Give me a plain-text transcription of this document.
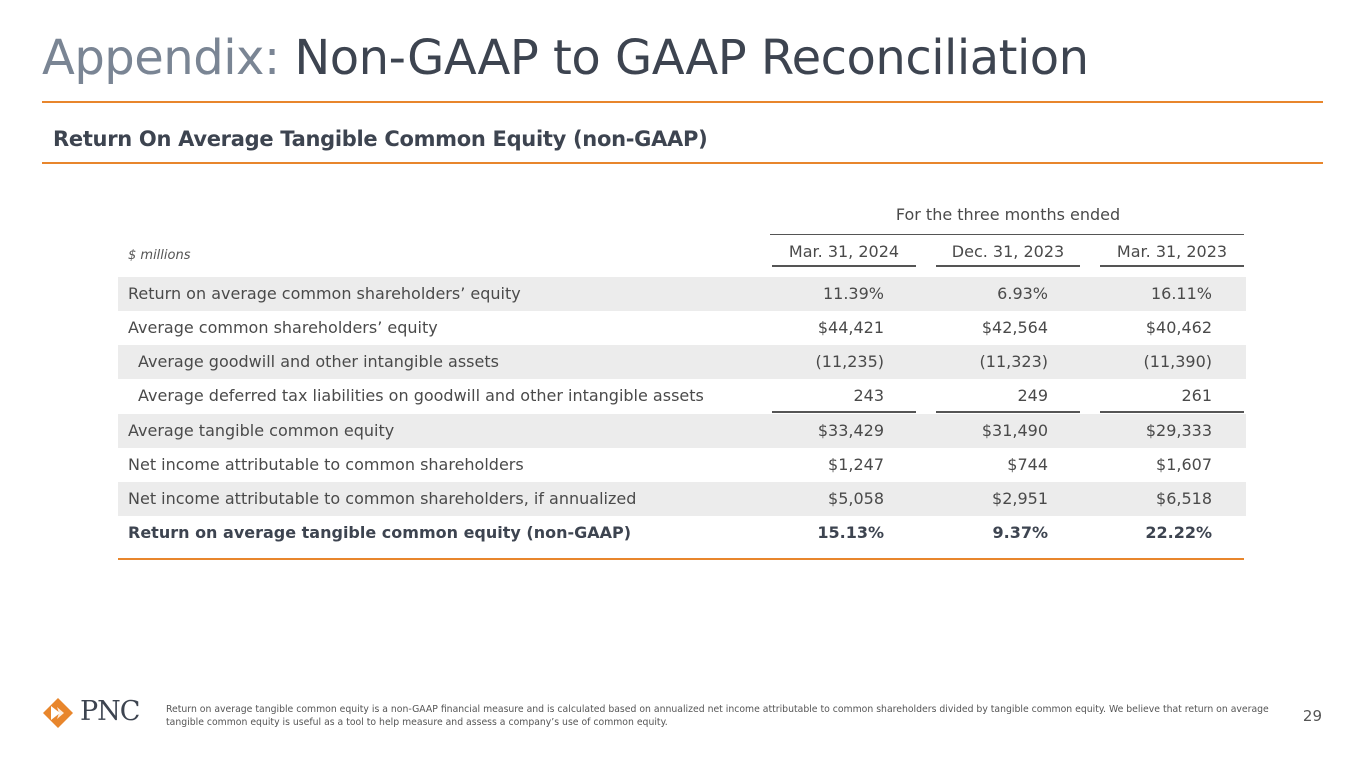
Appendix: Non-GAAP to GAAP Reconciliation
Return On Average Tangible Common Equity (non-GAAP)
For the three months ended
$ millions	Mar. 31, 2024	Dec. 31, 2023	Mar. 31, 2023
Return on average common shareholders’ equity	11.39%	6.93%	16.11%
Average common shareholders’ equity	$44,421	$42,564	$40,462
Average goodwill and other intangible assets	(11,235)	(11,323)	(11,390)
Average deferred tax liabilities on goodwill and other intangible assets	243	249	261
Average tangible common equity	$33,429	$31,490	$29,333
Net income attributable to common shareholders	$1,247	$744	$1,607
Net income attributable to common shareholders, if annualized	$5,058	$2,951	$6,518
Return on average tangible common equity (non-GAAP)	15.13%	9.37%	22.22%
PNC	Return on average tangible common equity is a non-GAAP financial measure and is calculated based on annualized net income attributable to common shareholders divided by tangible common equity. We believe that return on average tangible common equity is useful as a tool to help measure and assess a company’s use of common equity.	29
